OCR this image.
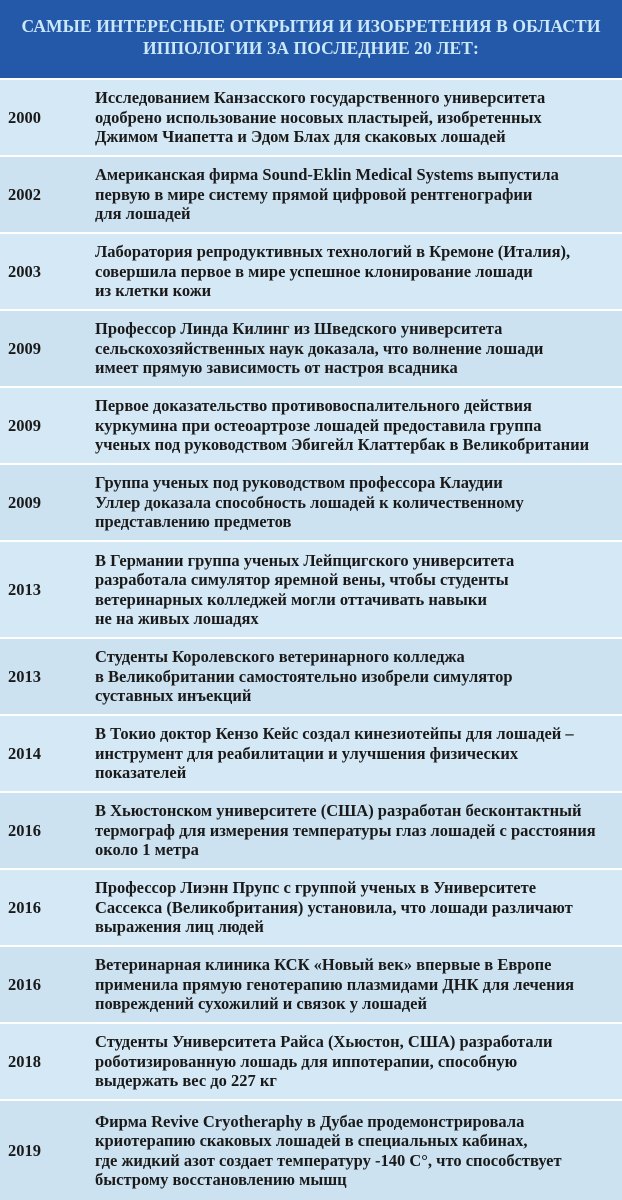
САМЫЕ ИНТЕРЕСНЫЕ ОТКРЫТИЯ И ИЗОБРЕТЕНИЯ В ОБЛАСТИ
ИППОЛОГИИ ЗА ПОСЛЕДНИЕ 20 ЛЕТ:
2000
Исследованием Канзасского государственного университета
одобрено использование носовых пластырей, изобретенных
Джимом Чиапетта и Эдом Блах для скаковых лошадей
2002
Американская фирма Sound-Eklin Medical Systems выпустила
первую в мире систему прямой цифровой рентгенографии
для лошадей
2003
Лаборатория репродуктивных технологий в Кремоне (Италия),
совершила первое в мире успешное клонирование лошади
из клетки кожи
2009
Профессор Линда Килинг из Шведского университета
сельскохозяйственных наук доказала, что волнение лошади
имеет прямую зависимость от настроя всадника
2009
Первое доказательство противовоспалительного действия
куркумина при остеоартрозе лошадей предоставила группа
ученых под руководством Эбигейл Клаттербак в Великобритании
2009
Группа ученых под руководством профессора Клаудии
Уллер доказала способность лошадей к количественному
представлению предметов
2013
В Германии группа ученых Лейпцигского университета
разработала симулятор яремной вены, чтобы студенты
ветеринарных колледжей могли оттачивать навыки
не на живых лошадях
2013
Студенты Королевского ветеринарного колледжа
в Великобритании самостоятельно изобрели симулятор
суставных инъекций
2014
В Токио доктор Кензо Кейс создал кинезиотейпы для лошадей –
инструмент для реабилитации и улучшения физических
показателей
2016
В Хьюстонском университете (США) разработан бесконтактный
термограф для измерения температуры глаз лошадей с расстояния
около 1 метра
2016
Профессор Лиэнн Прупс с группой ученых в Университете
Сассекса (Великобритания) установила, что лошади различают
выражения лиц людей
2016
Ветеринарная клиника КСК «Новый век» впервые в Европе
применила прямую генотерапию плазмидами ДНК для лечения
повреждений сухожилий и связок у лошадей
2018
Студенты Университета Райса (Хьюстон, США) разработали
роботизированную лошадь для иппотерапии, способную
выдержать вес до 227 кг
2019
Фирма Revive Cryotheraphy в Дубае продемонстрировала
криотерапию скаковых лошадей в специальных кабинах,
где жидкий азот создает температуру -140 С°, что способствует
быстрому восстановлению мышц
